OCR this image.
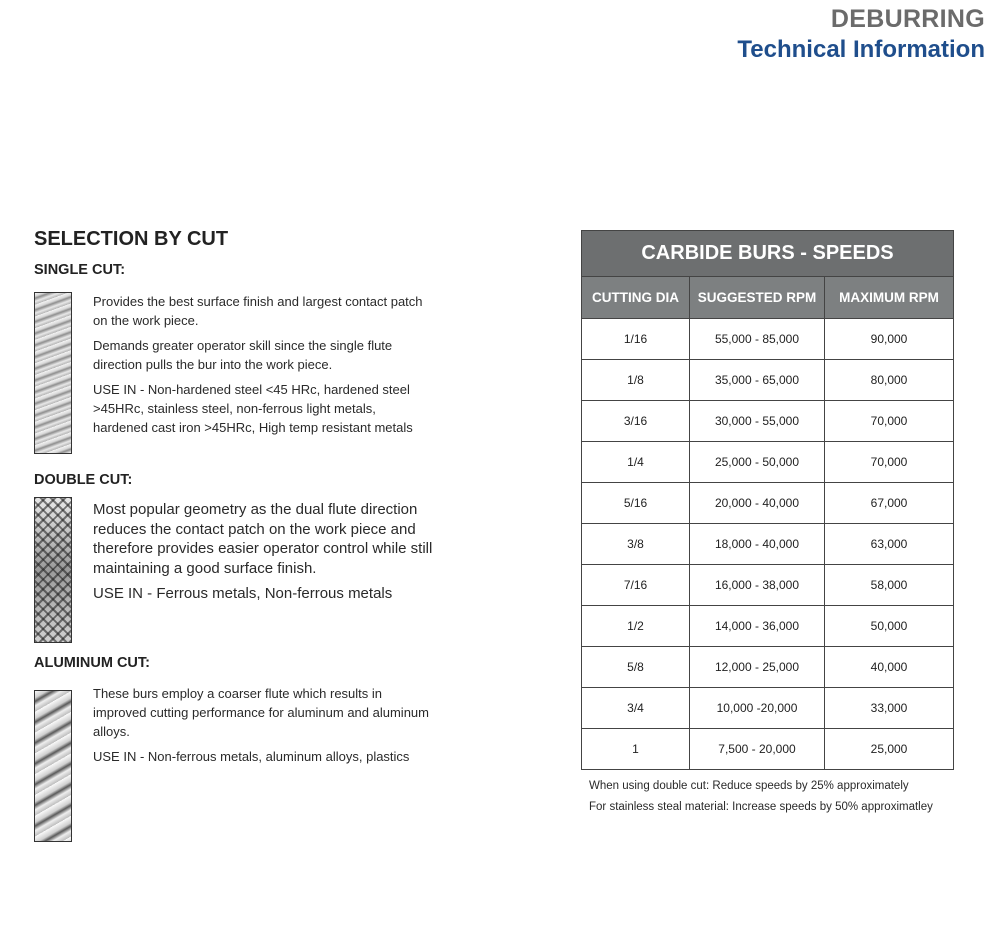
DEBURRING
Technical Information
SELECTION BY CUT
SINGLE CUT:

Provides the best surface finish and largest contact patch on the work piece.

Demands greater operator skill since the single flute direction pulls the bur into the work piece.

USE IN - Non-hardened steel <45 HRc, hardened steel >45HRc, stainless steel, non-ferrous light metals, hardened cast iron >45HRc, High temp resistant metals

DOUBLE CUT:

Most popular geometry as the dual flute direction reduces the contact patch on the work piece and therefore provides easier operator control while still maintaining a good surface finish.

USE IN - Ferrous metals, Non-ferrous metals

ALUMINUM CUT:

These burs employ a coarser flute which results in improved cutting performance for aluminum and aluminum alloys.

USE IN - Non-ferrous metals, aluminum alloys, plastics

CARBIDE BURS - SPEEDS		
CUTTING DIA	SUGGESTED RPM	MAXIMUM RPM
1/16	55,000 - 85,000	90,000
1/8	35,000 - 65,000	80,000
3/16	30,000 - 55,000	70,000
1/4	25,000 - 50,000	70,000
5/16	20,000 - 40,000	67,000
3/8	18,000 - 40,000	63,000
7/16	16,000 - 38,000	58,000
1/2	14,000 - 36,000	50,000
5/8	12,000 - 25,000	40,000
3/4	10,000 -20,000	33,000
1	7,500 - 20,000	25,000
When using double cut: Reduce speeds by 25% approximately
For stainless steal material: Increase speeds by 50% approximatley
